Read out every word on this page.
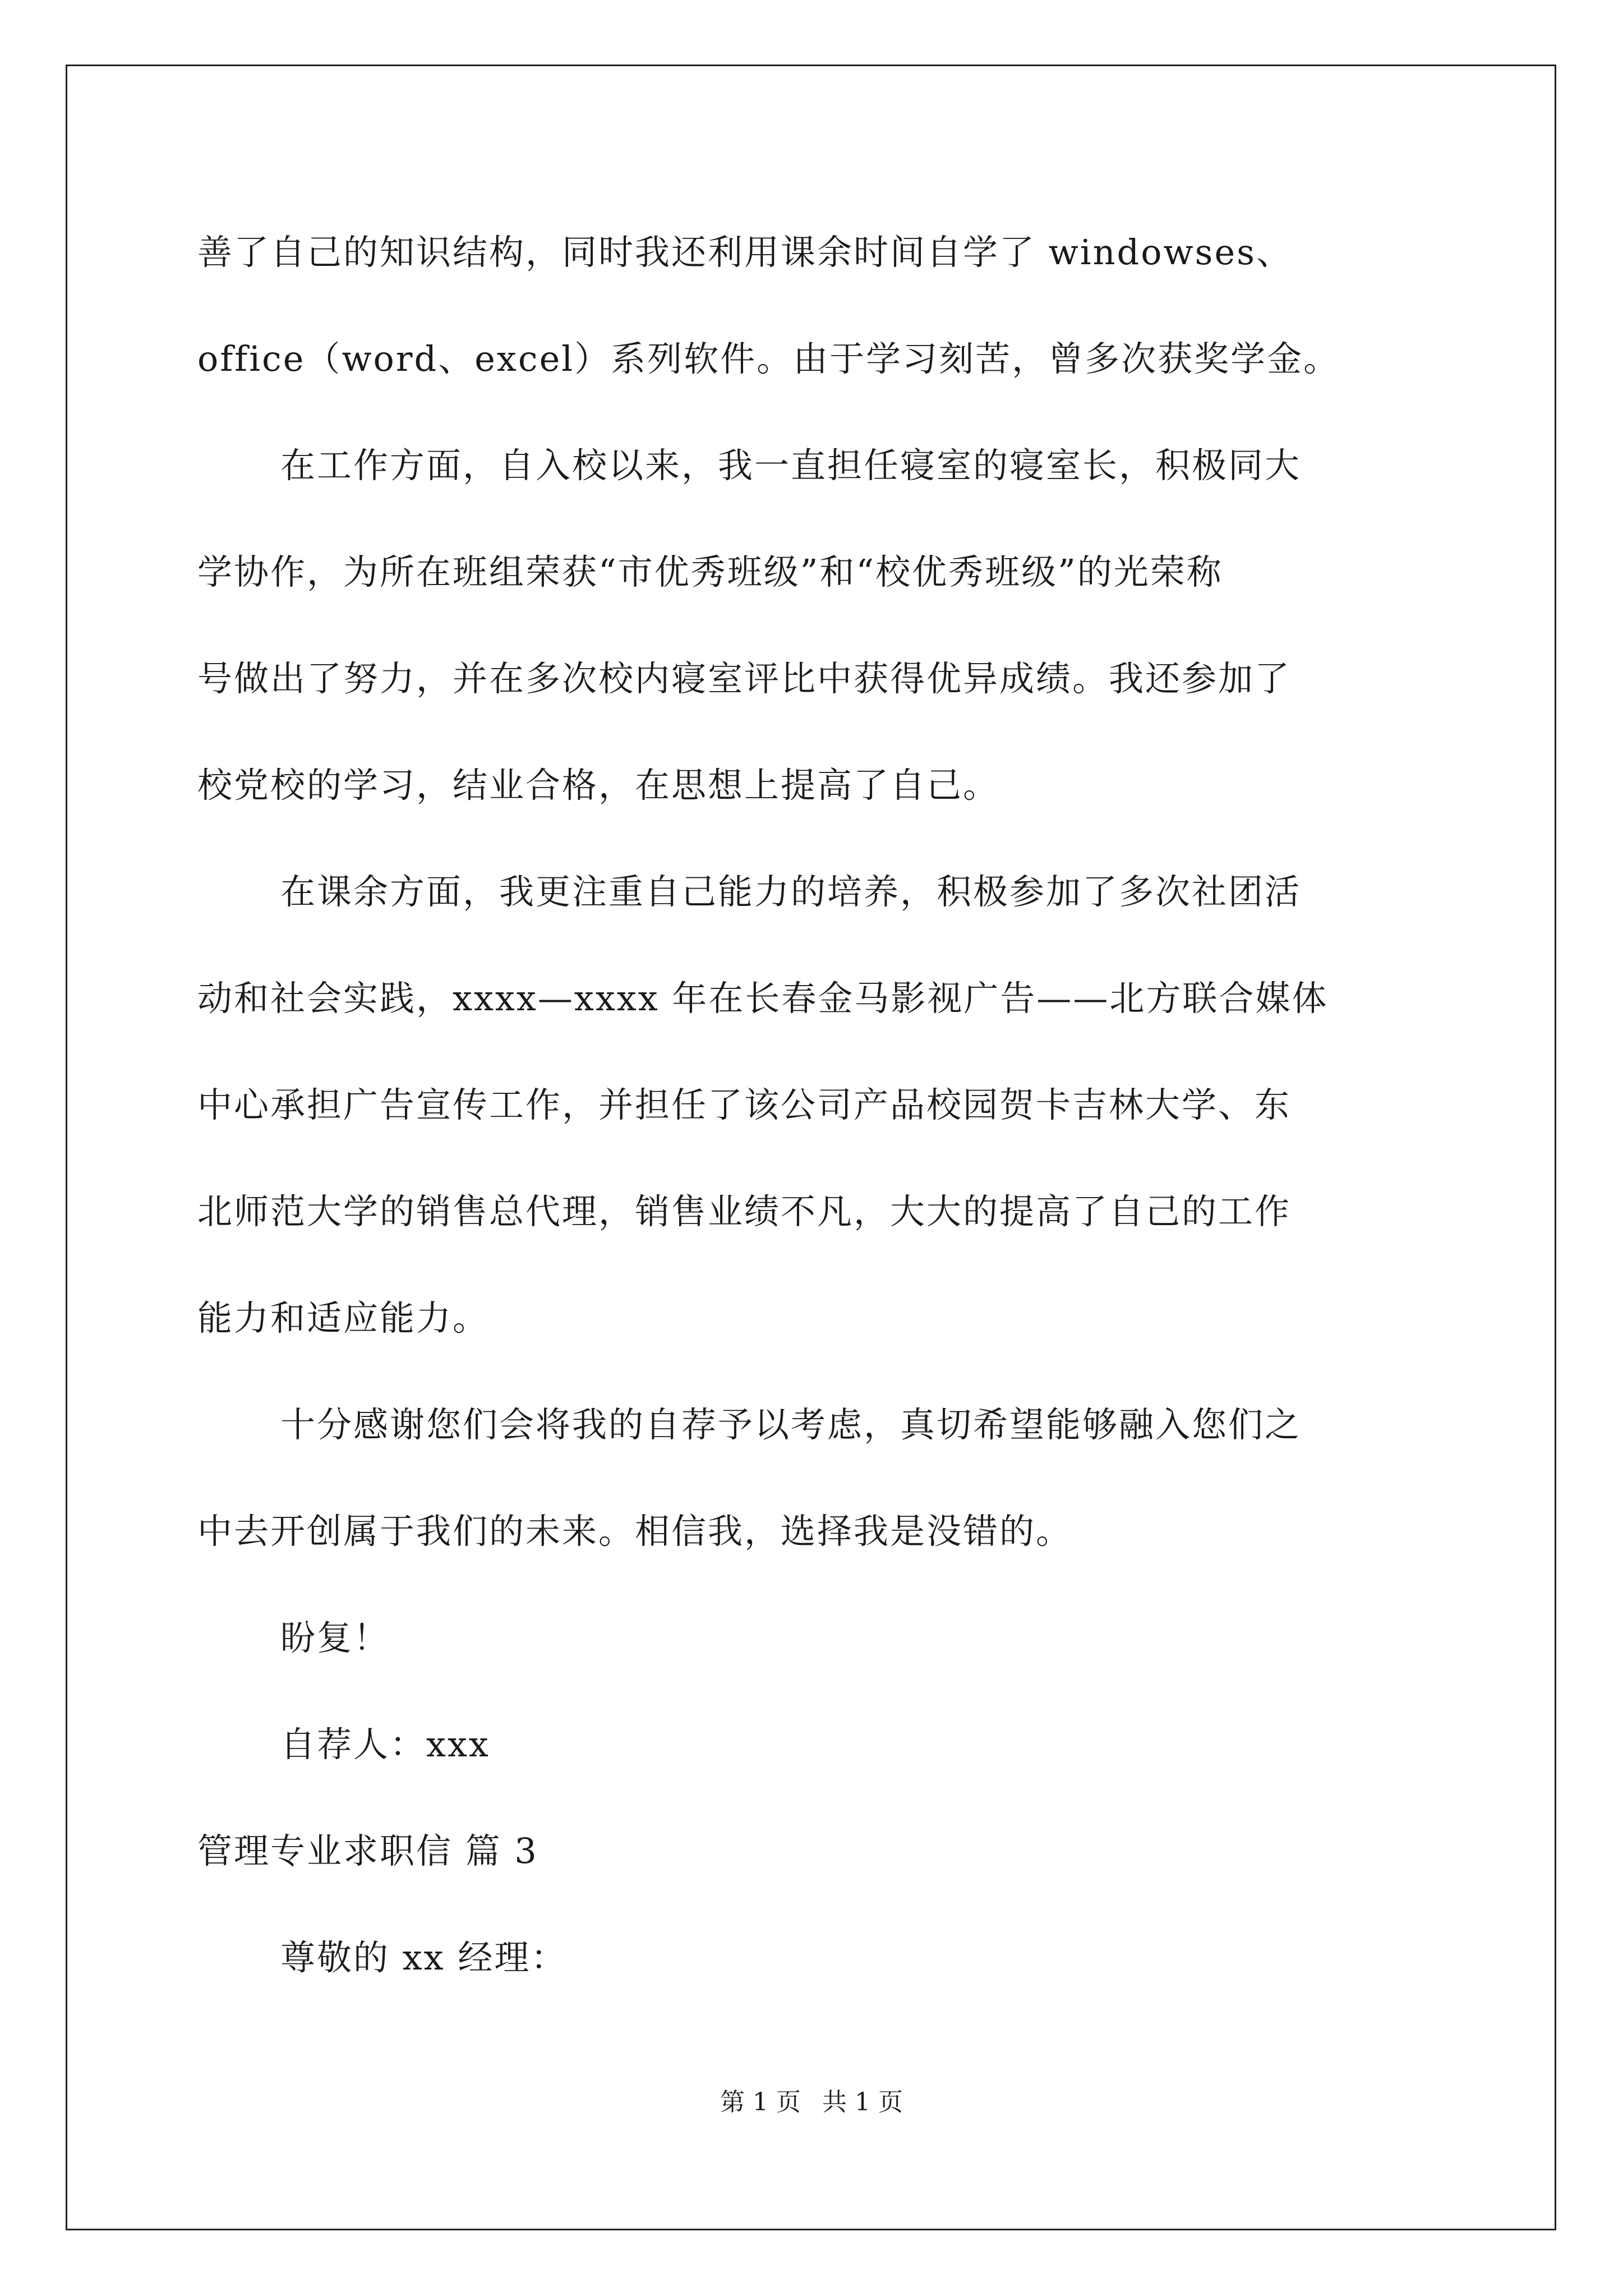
善了自己的知识结构，同时我还利用课余时间自学了 windowses、
office（word、excel）系列软件。由于学习刻苦，曾多次获奖学金。
在工作方面，自入校以来，我一直担任寝室的寝室长，积极同大
学协作，为所在班组荣获“市优秀班级”和“校优秀班级”的光荣称
号做出了努力，并在多次校内寝室评比中获得优异成绩。我还参加了
校党校的学习，结业合格，在思想上提高了自己。
在课余方面，我更注重自己能力的培养，积极参加了多次社团活
动和社会实践，xxxx—xxxx 年在长春金马影视广告——北方联合媒体
中心承担广告宣传工作，并担任了该公司产品校园贺卡吉林大学、东
北师范大学的销售总代理，销售业绩不凡，大大的提高了自己的工作
能力和适应能力。
十分感谢您们会将我的自荐予以考虑，真切希望能够融入您们之
中去开创属于我们的未来。相信我，选择我是没错的。
盼复！
自荐人：xxx
管理专业求职信 篇 3
尊敬的 xx 经理：
第 1 页 共 1 页
